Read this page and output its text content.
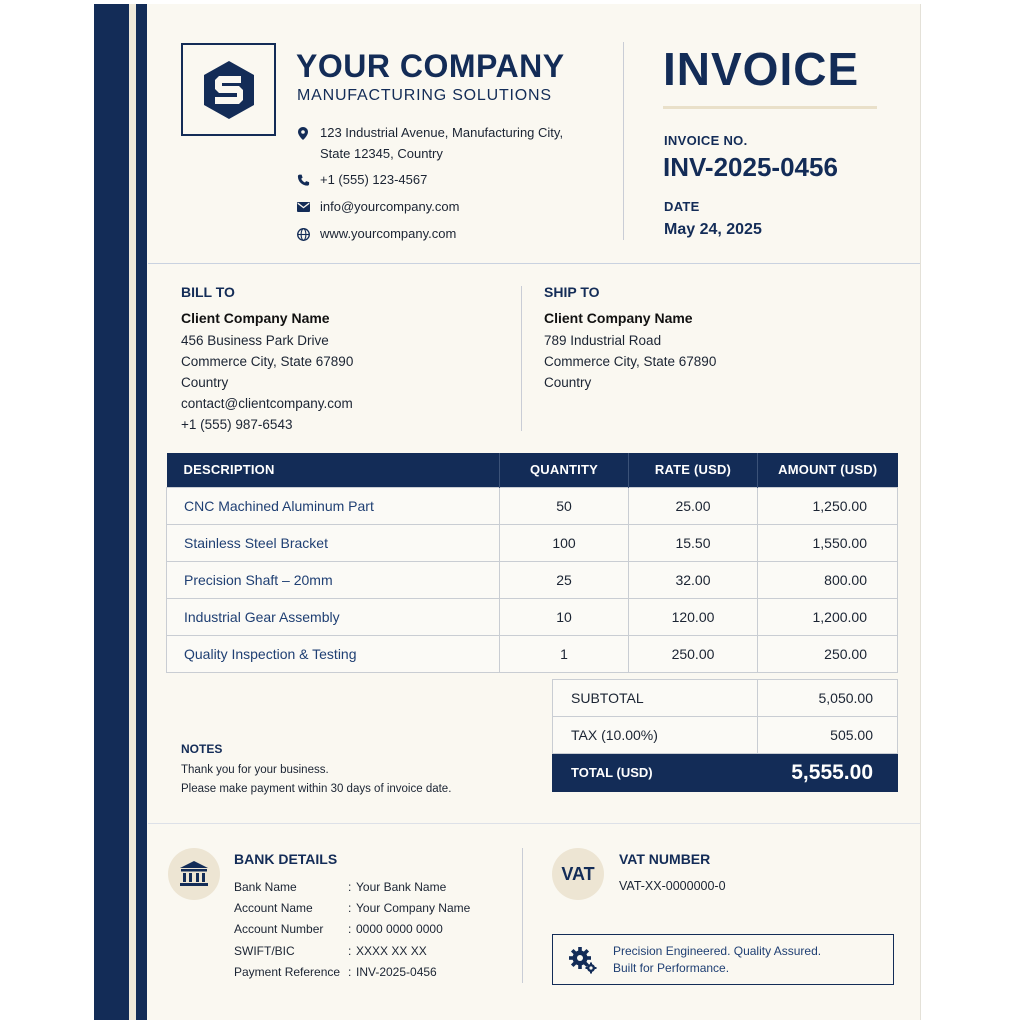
YOUR COMPANY
MANUFACTURING SOLUTIONS
123 Industrial Avenue, Manufacturing City,
State 12345, Country
+1 (555) 123-4567
info@yourcompany.com
www.yourcompany.com
INVOICE
INVOICE NO.
INV-2025-0456
DATE
May 24, 2025
BILL TO
Client Company Name
456 Business Park Drive
Commerce City, State 67890
Country
contact@clientcompany.com
+1 (555) 987-6543
SHIP TO
Client Company Name
789 Industrial Road
Commerce City, State 67890
Country
DESCRIPTION	QUANTITY	RATE (USD)	AMOUNT (USD)
CNC Machined Aluminum Part	50	25.00	1,250.00
Stainless Steel Bracket	100	15.50	1,550.00
Precision Shaft – 20mm	25	32.00	800.00
Industrial Gear Assembly	10	120.00	1,200.00
Quality Inspection & Testing	1	250.00	250.00
SUBTOTAL	5,050.00
TAX (10.00%)	505.00
TOTAL (USD)	5,555.00
NOTES
Thank you for your business.
Please make payment within 30 days of invoice date.
BANK DETAILS
Bank Name	: Your Bank Name
Account Name	: Your Company Name
Account Number	: 0000 0000 0000
SWIFT/BIC	: XXXX XX XX
Payment Reference : INV-2025-0456
VAT
VAT NUMBER
VAT-XX-0000000-0
Precision Engineered. Quality Assured.
Built for Performance.
